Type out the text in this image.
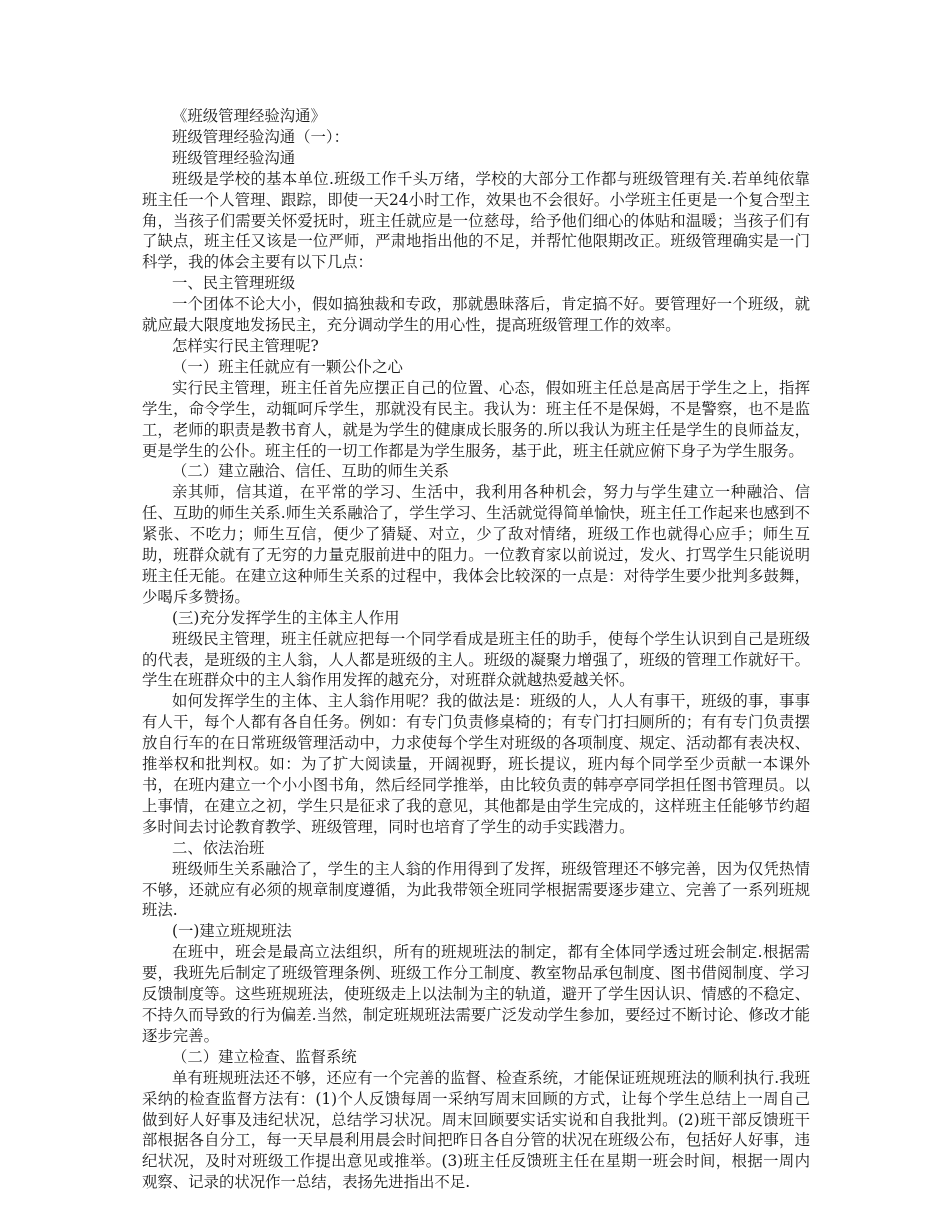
《班级管理经验沟通》

班级管理经验沟通（一）：

班级管理经验沟通

班级是学校的基本单位.班级工作千头万绪，学校的大部分工作都与班级管理有关.若单纯依靠班主任一个人管理、跟踪，即使一天24小时工作，效果也不会很好。小学班主任更是一个复合型主角，当孩子们需要关怀爱抚时，班主任就应是一位慈母，给予他们细心的体贴和温暖；当孩子们有了缺点，班主任又该是一位严师，严肃地指出他的不足，并帮忙他限期改正。班级管理确实是一门科学，我的体会主要有以下几点：

一、民主管理班级

一个团体不论大小，假如搞独裁和专政，那就愚昧落后，肯定搞不好。要管理好一个班级，就就应最大限度地发扬民主，充分调动学生的用心性，提高班级管理工作的效率。

怎样实行民主管理呢?

（一）班主任就应有一颗公仆之心

实行民主管理，班主任首先应摆正自己的位置、心态，假如班主任总是高居于学生之上，指挥学生，命令学生，动辄呵斥学生，那就没有民主。我认为：班主任不是保姆，不是警察，也不是监工，老师的职责是教书育人，就是为学生的健康成长服务的.所以我认为班主任是学生的良师益友，更是学生的公仆。班主任的一切工作都是为学生服务，基于此，班主任就应俯下身子为学生服务。

（二）建立融洽、信任、互助的师生关系

亲其师，信其道，在平常的学习、生活中，我利用各种机会，努力与学生建立一种融洽、信任、互助的师生关系.师生关系融洽了，学生学习、生活就觉得简单愉快，班主任工作起来也感到不紧张、不吃力；师生互信，便少了猜疑、对立，少了敌对情绪，班级工作也就得心应手；师生互助，班群众就有了无穷的力量克服前进中的阻力。一位教育家以前说过，发火、打骂学生只能说明班主任无能。在建立这种师生关系的过程中，我体会比较深的一点是：对待学生要少批判多鼓舞，少喝斥多赞扬。

(三)充分发挥学生的主体主人作用

班级民主管理，班主任就应把每一个同学看成是班主任的助手，使每个学生认识到自己是班级的代表，是班级的主人翁，人人都是班级的主人。班级的凝聚力增强了，班级的管理工作就好干。学生在班群众中的主人翁作用发挥的越充分，对班群众就越热爱越关怀。

如何发挥学生的主体、主人翁作用呢？我的做法是：班级的人，人人有事干，班级的事，事事有人干，每个人都有各自任务。例如：有专门负责修桌椅的；有专门打扫厕所的；有有专门负责摆放自行车的在日常班级管理活动中，力求使每个学生对班级的各项制度、规定、活动都有表决权、推举权和批判权。如：为了扩大阅读量，开阔视野，班长提议，班内每个同学至少贡献一本课外书，在班内建立一个小小图书角，然后经同学推举，由比较负责的韩亭亭同学担任图书管理员。以上事情，在建立之初，学生只是征求了我的意见，其他都是由学生完成的，这样班主任能够节约超多时间去讨论教育教学、班级管理，同时也培育了学生的动手实践潜力。

二、依法治班

班级师生关系融洽了，学生的主人翁的作用得到了发挥，班级管理还不够完善，因为仅凭热情不够，还就应有必须的规章制度遵循，为此我带领全班同学根据需要逐步建立、完善了一系列班规班法.

(一)建立班规班法

在班中，班会是最高立法组织，所有的班规班法的制定，都有全体同学透过班会制定.根据需要，我班先后制定了班级管理条例、班级工作分工制度、教室物品承包制度、图书借阅制度、学习反馈制度等。这些班规班法，使班级走上以法制为主的轨道，避开了学生因认识、情感的不稳定、不持久而导致的行为偏差.当然，制定班规班法需要广泛发动学生参加，要经过不断讨论、修改才能逐步完善。

（二）建立检查、监督系统

单有班规班法还不够，还应有一个完善的监督、检查系统，才能保证班规班法的顺利执行.我班采纳的检查监督方法有：(1)个人反馈每周一采纳写周末回顾的方式，让每个学生总结上一周自己做到好人好事及违纪状况，总结学习状况。周末回顾要实话实说和自我批判。(2)班干部反馈班干部根据各自分工，每一天早晨利用晨会时间把昨日各自分管的状况在班级公布，包括好人好事，违纪状况，及时对班级工作提出意见或推举。(3)班主任反馈班主任在星期一班会时间，根据一周内观察、记录的状况作一总结，表扬先进指出不足.
